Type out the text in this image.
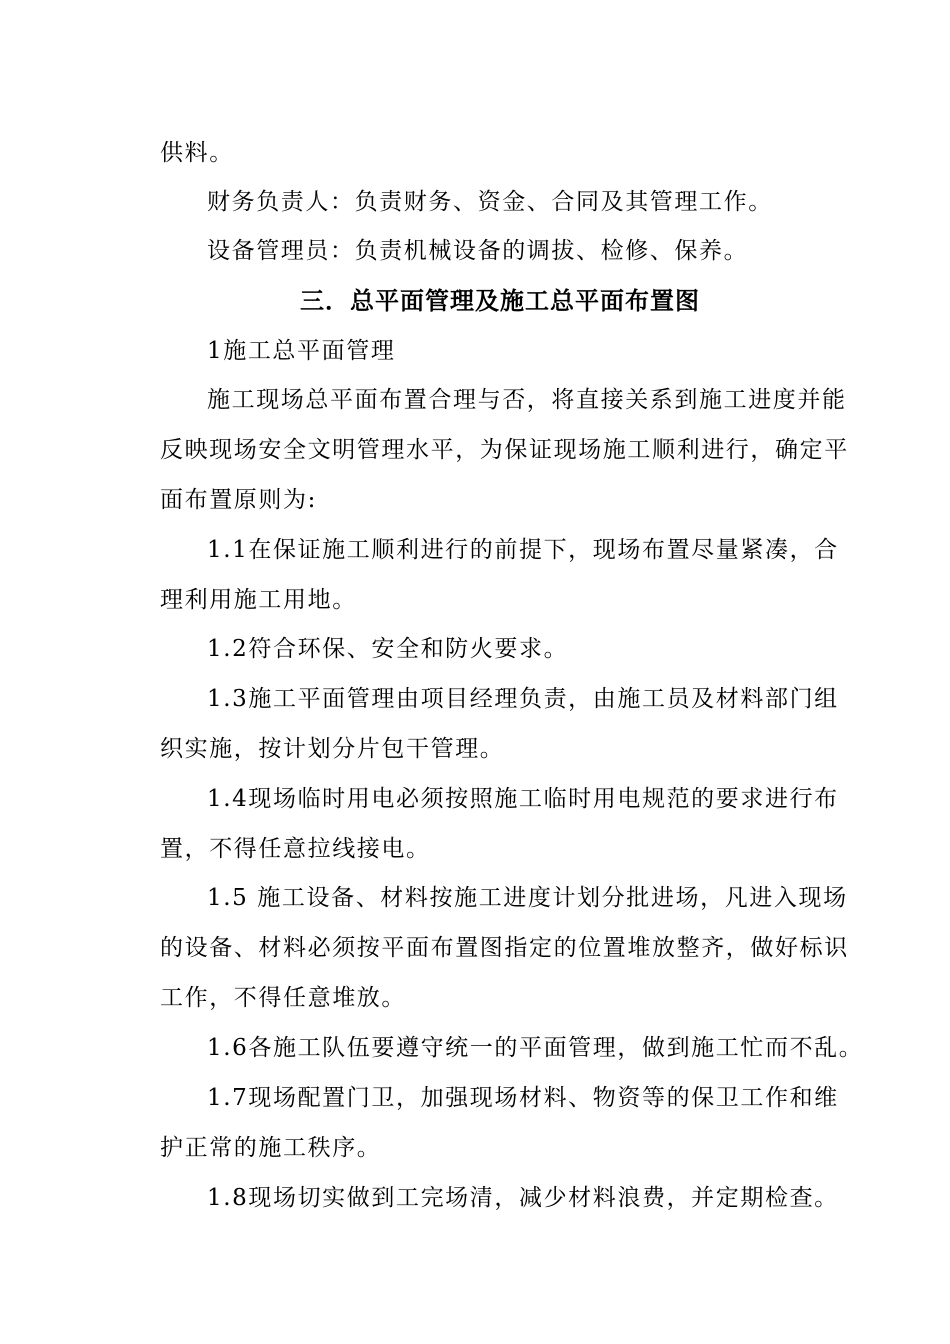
供料。
财务负责人：负责财务、资金、合同及其管理工作。
设备管理员：负责机械设备的调拔、检修、保养。
三．总平面管理及施工总平面布置图
1施工总平面管理
施工现场总平面布置合理与否，将直接关系到施工进度并能
反映现场安全文明管理水平，为保证现场施工顺利进行，确定平
面布置原则为:
1.1在保证施工顺利进行的前提下，现场布置尽量紧凑，合
理利用施工用地。
1.2符合环保、安全和防火要求。
1.3施工平面管理由项目经理负责，由施工员及材料部门组
织实施，按计划分片包干管理。
1.4现场临时用电必须按照施工临时用电规范的要求进行布
置，不得任意拉线接电。
1.5 施工设备、材料按施工进度计划分批进场，凡进入现场
的设备、材料必须按平面布置图指定的位置堆放整齐，做好标识
工作，不得任意堆放。
1.6各施工队伍要遵守统一的平面管理，做到施工忙而不乱。
1.7现场配置门卫，加强现场材料、物资等的保卫工作和维
护正常的施工秩序。
1.8现场切实做到工完场清，减少材料浪费，并定期检查。
